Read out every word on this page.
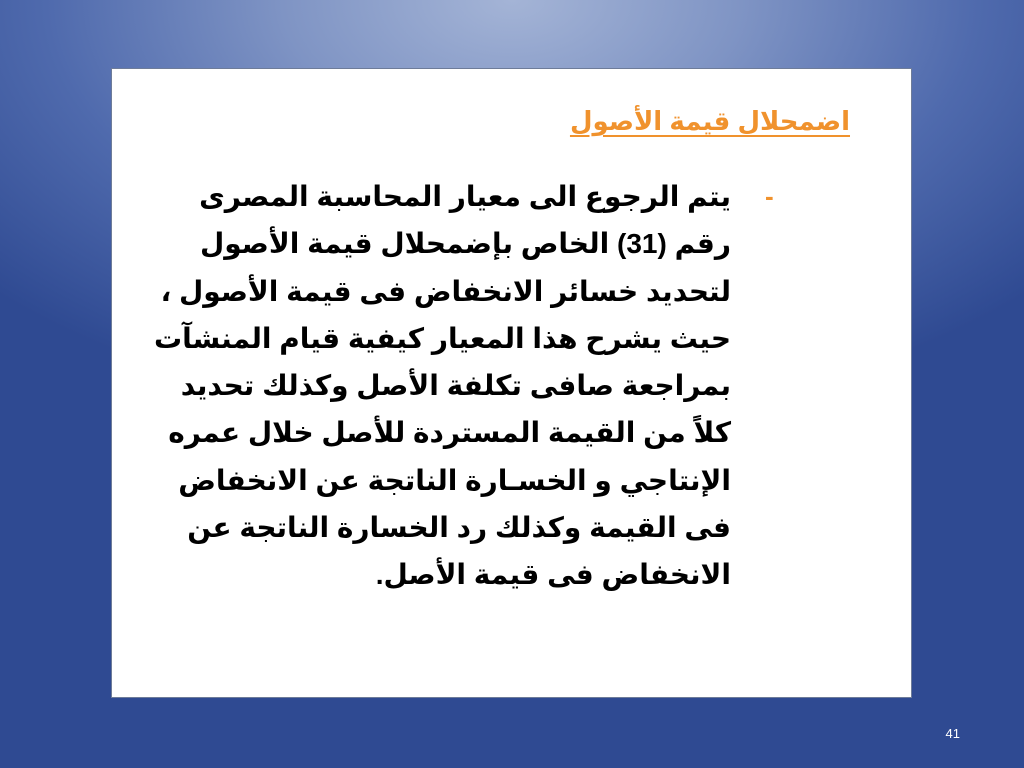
اضمحلال قيمة الأصول
-
يتم الرجوع الى معيار المحاسبة المصرى
رقم (31) الخاص بإضمحلال قيمة الأصول
لتحديد خسائر الانخفاض فى قيمة الأصول ،
حيث يشرح هذا المعيار كيفية قيام المنشآت
بمراجعة صافى تكلفة الأصل وكذلك تحديد
كلاً من القيمة المستردة للأصل خلال عمره
الإنتاجي و الخسـارة الناتجة عن الانخفاض
فى القيمة وكذلك رد الخسارة الناتجة عن
الانخفاض فى قيمة الأصل.
41
